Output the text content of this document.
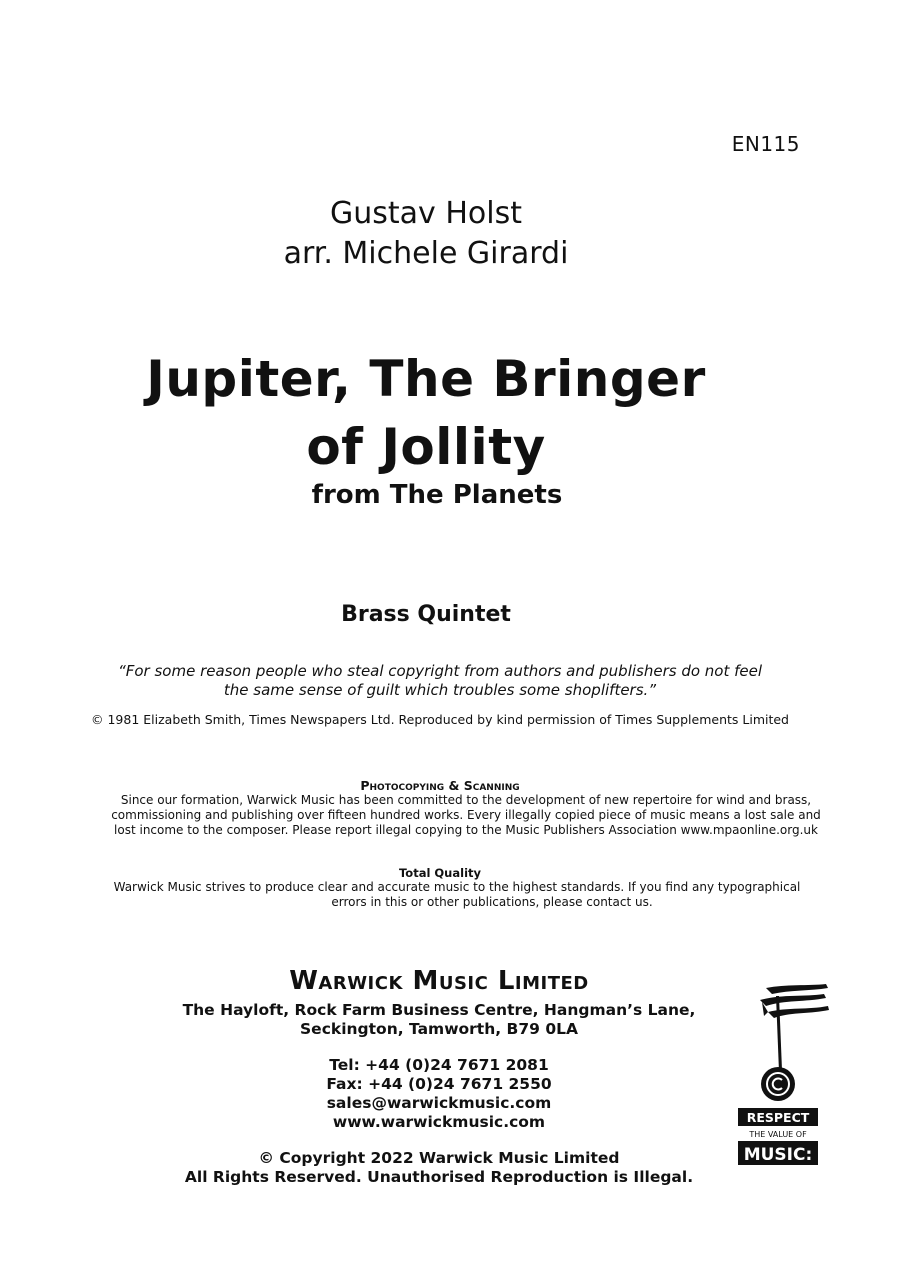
EN115
Gustav Holst
arr. Michele Girardi
Jupiter, The Bringer
of Jollity
from The Planets
Brass Quintet
“For some reason people who steal copyright from authors and publishers do not feel
the same sense of guilt which troubles some shoplifters.”
© 1981 Elizabeth Smith, Times Newspapers Ltd. Reproduced by kind permission of Times Supplements Limited
Photocopying & Scanning
Since our formation, Warwick Music has been committed to the development of new repertoire for wind and brass,
commissioning and publishing over fifteen hundred works. Every illegally copied piece of music means a lost sale and
lost income to the composer. Please report illegal copying to the Music Publishers Association www.mpaonline.org.uk
Total Quality
Warwick Music strives to produce clear and accurate music to the highest standards. If you find any typographical
errors in this or other publications, please contact us.
Warwick Music Limited
The Hayloft, Rock Farm Business Centre, Hangman’s Lane,
Seckington, Tamworth, B79 0LA
Tel: +44 (0)24 7671 2081
Fax: +44 (0)24 7671 2550
sales@warwickmusic.com
www.warwickmusic.com
© Copyright 2022 Warwick Music Limited
All Rights Reserved. Unauthorised Reproduction is Illegal.
RESPECT
THE VALUE OF
MUSIC:
